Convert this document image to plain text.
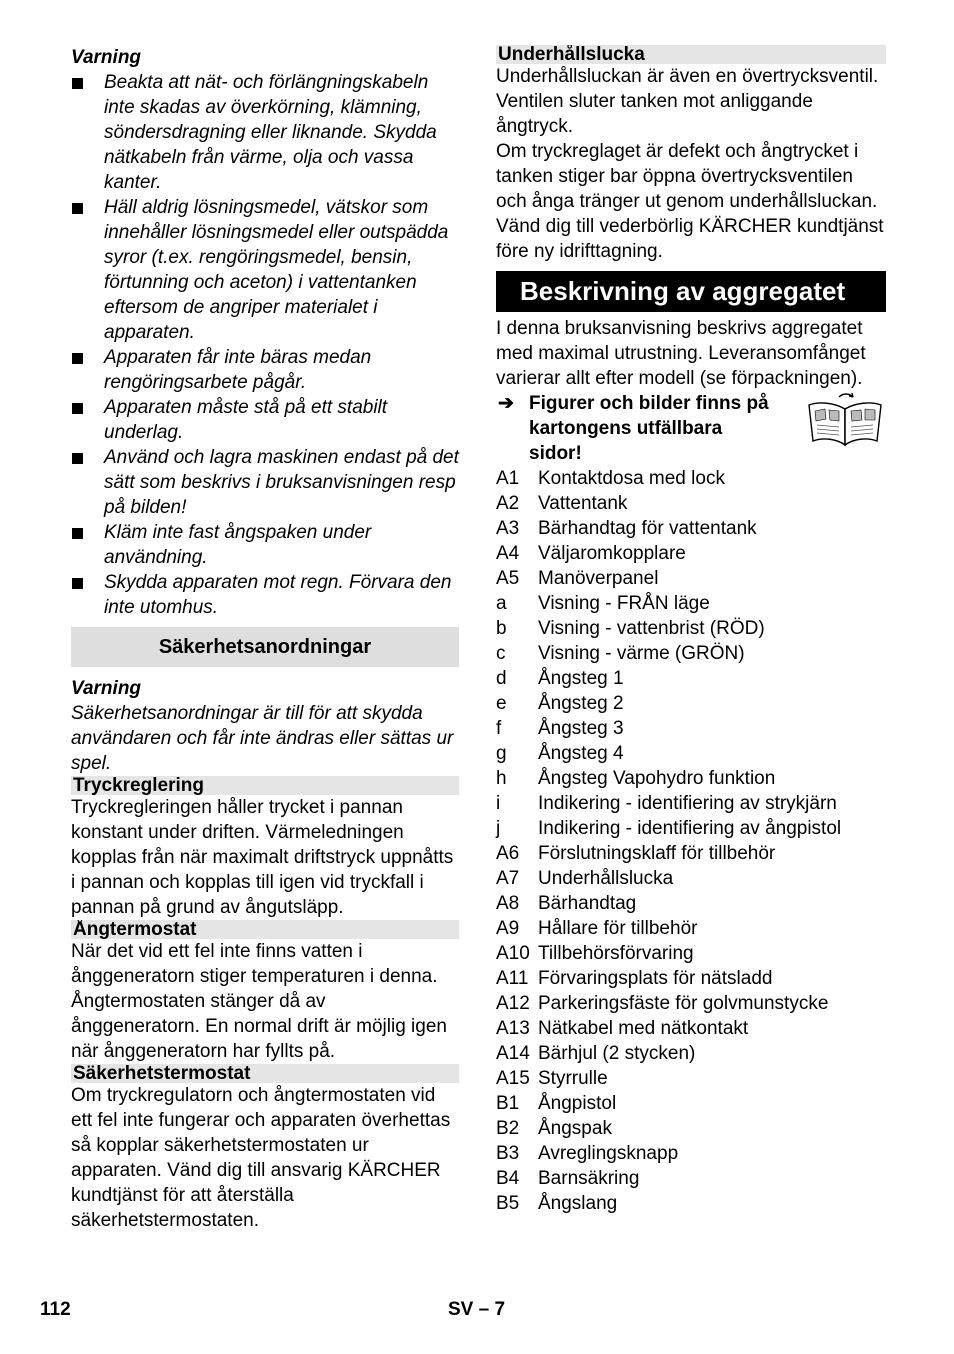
Varning
Beakta att nät- och förlängningskabeln inte skadas av överkörning, klämning, söndersdragning eller liknande. Skydda nätkabeln från värme, olja och vassa kanter.
Häll aldrig lösningsmedel, vätskor som innehåller lösningsmedel eller outspädda syror (t.ex. rengöringsmedel, bensin, förtunning och aceton) i vattentanken eftersom de angriper materialet i apparaten.
Apparaten får inte bäras medan rengöringsarbete pågår.
Apparaten måste stå på ett stabilt underlag.
Använd och lagra maskinen endast på det sätt som beskrivs i bruksanvisningen resp på bilden!
Kläm inte fast ångspaken under användning.
Skydda apparaten mot regn. Förvara den inte utomhus.
Säkerhetsanordningar
Varning
Säkerhetsanordningar är till för att skydda användaren och får inte ändras eller sättas ur spel.
Tryckreglering
Tryckregleringen håller trycket i pannan konstant under driften. Värmeledningen kopplas från när maximalt driftstryck uppnåtts i pannan och kopplas till igen vid tryckfall i pannan på grund av ångutsläpp.
Ångtermostat
När det vid ett fel inte finns vatten i ånggeneratorn stiger temperaturen i denna. Ångtermostaten stänger då av ånggeneratorn. En normal drift är möjlig igen när ånggeneratorn har fyllts på.
Säkerhetstermostat
Om tryckregulatorn och ångtermostaten vid ett fel inte fungerar och apparaten överhettas så kopplar säkerhetstermostaten ur apparaten. Vänd dig till ansvarig KÄRCHER kundtjänst för att återställa säkerhetstermostaten.
Underhållslucka
Underhållsluckan är även en övertrycksventil. Ventilen sluter tanken mot anliggande ångtryck.
Om tryckreglaget är defekt och ångtrycket i tanken stiger bar öppna övertrycksventilen och ånga tränger ut genom underhållsluckan.
Vänd dig till vederbörlig KÄRCHER kundtjänst före ny idrifttagning.
Beskrivning av aggregatet
I denna bruksanvisning beskrivs aggregatet med maximal utrustning. Leveransomfånget varierar allt efter modell (se förpackningen).
➔ Figurer och bilder finns på kartongens utfällbara sidor!
A1 Kontaktdosa med lock
A2 Vattentank
A3 Bärhandtag för vattentank
A4 Väljaromkopplare
A5 Manöverpanel
a	Visning - FRÅN läge
b	Visning - vattenbrist (RÖD)
c	Visning - värme (GRÖN)
d	Ångsteg 1
e	Ångsteg 2
f	Ångsteg 3
g	Ångsteg 4
h	Ångsteg Vapohydro funktion
i	Indikering - identifiering av strykjärn
j	Indikering - identifiering av ångpistol
A6 Förslutningsklaff för tillbehör
A7 Underhållslucka
A8 Bärhandtag
A9 Hållare för tillbehör
A10 Tillbehörsförvaring
A11 Förvaringsplats för nätsladd
A12 Parkeringsfäste för golvmunstycke
A13 Nätkabel med nätkontakt
A14 Bärhjul (2 stycken)
A15 Styrrulle
B1 Ångpistol
B2 Ångspak
B3 Avreglingsknapp
B4 Barnsäkring
B5 Ångslang
112	SV – 7
